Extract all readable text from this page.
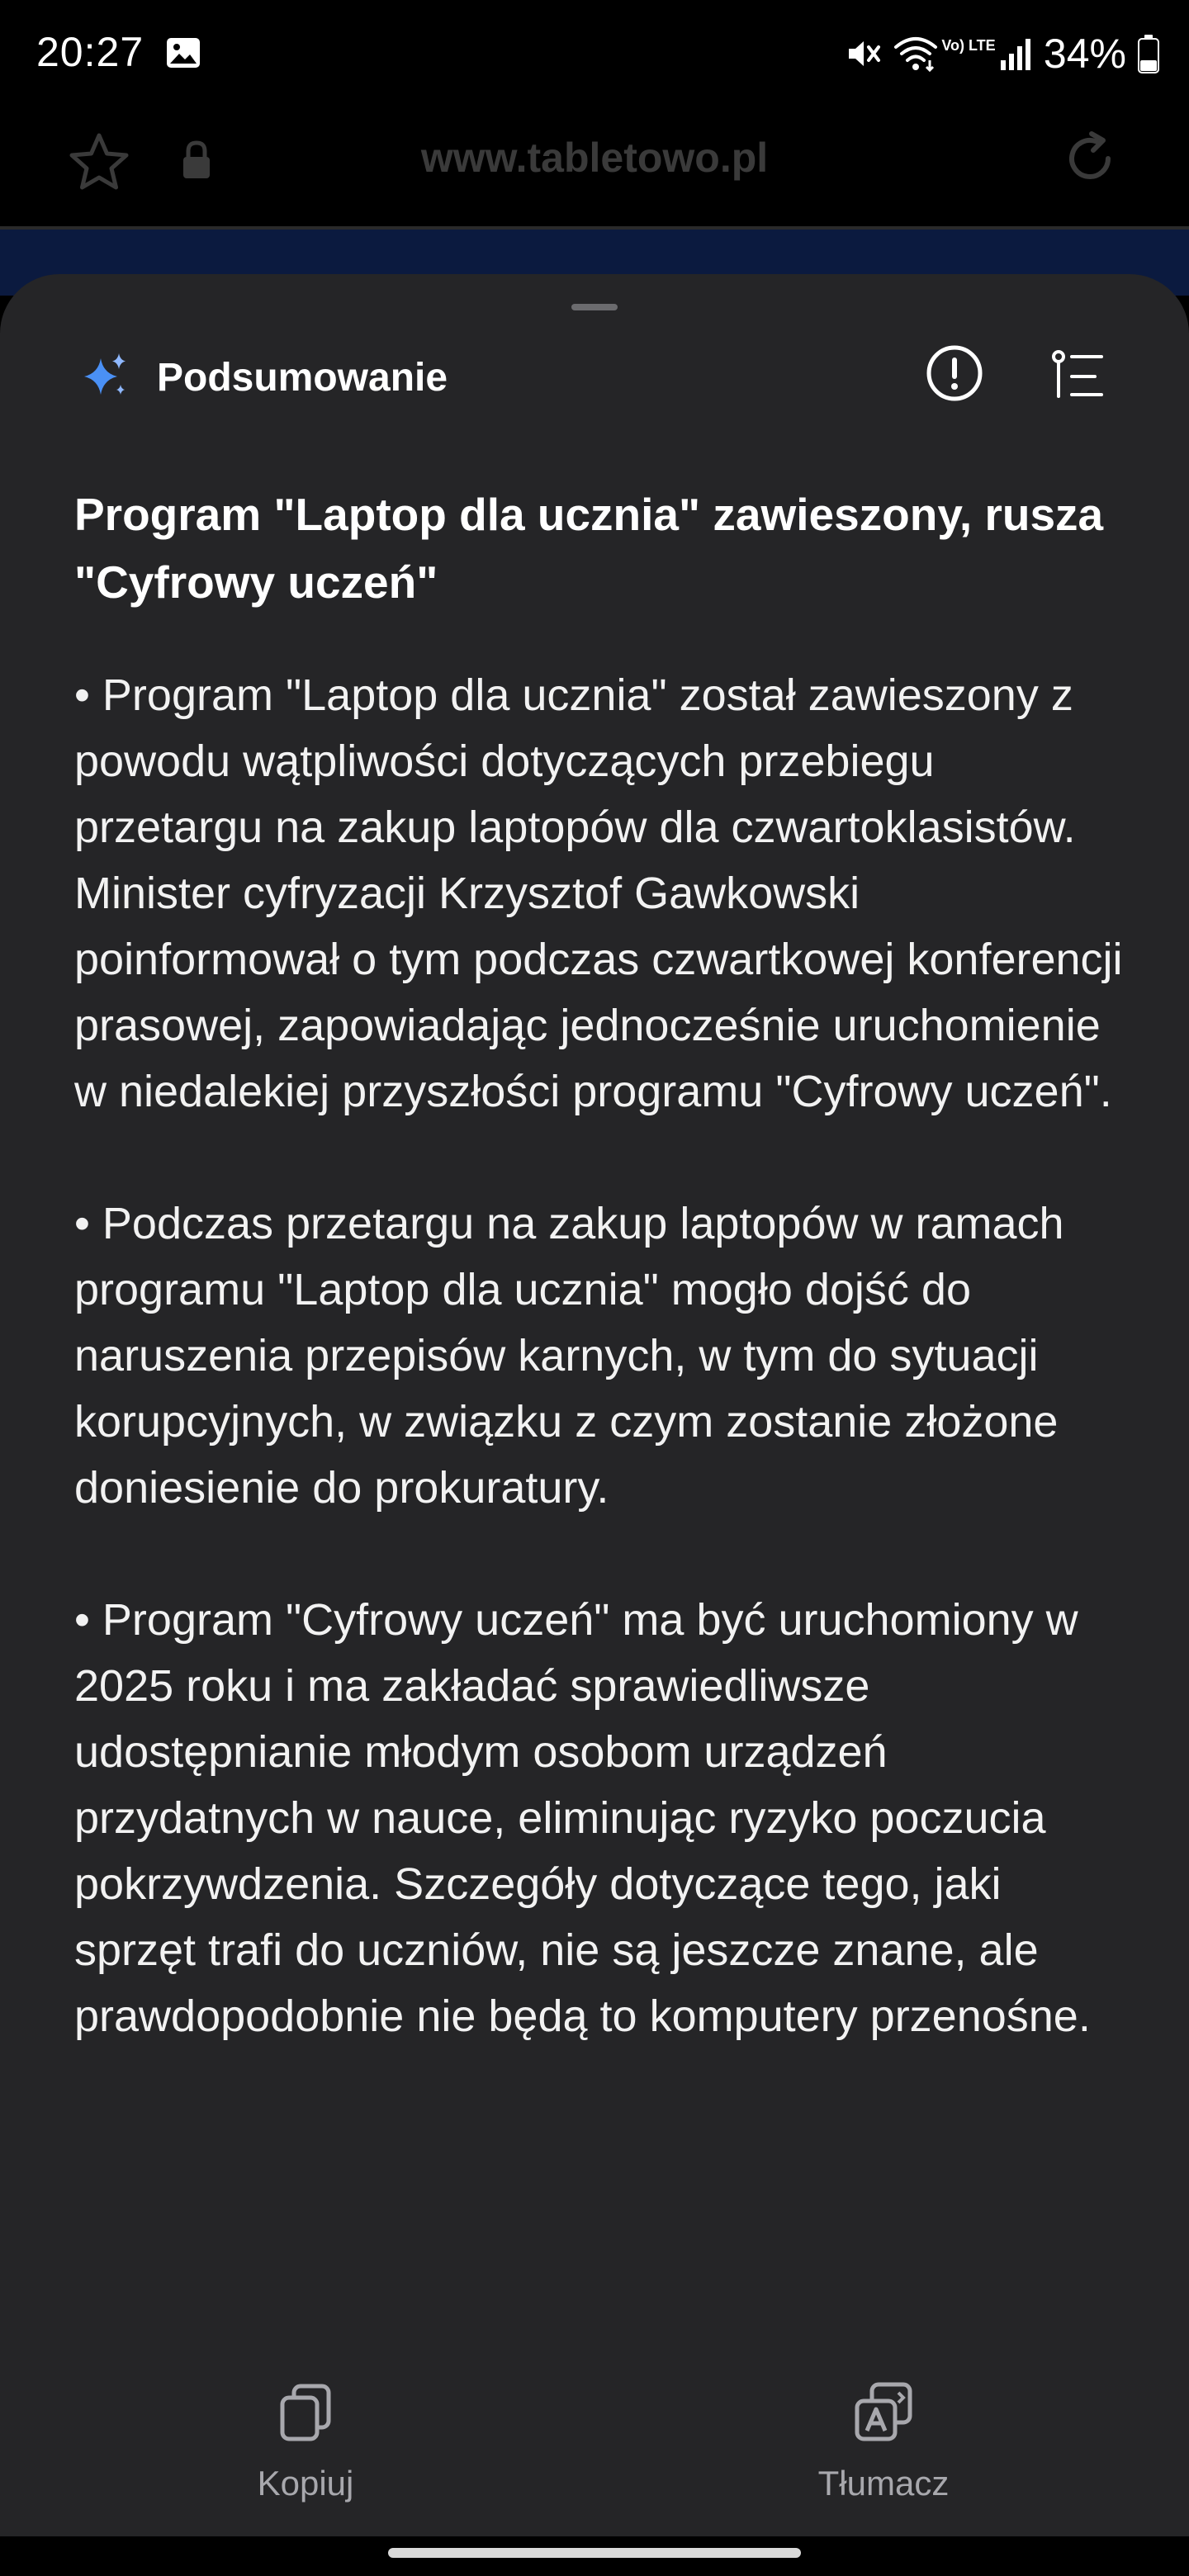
20:27	Vo) LTE 34%
www.tabletowo.pl
Podsumowanie

Program "Laptop dla ucznia" zawieszony, rusza "Cyfrowy uczeń"

• Program "Laptop dla ucznia" został zawieszony z powodu wątpliwości dotyczących przebiegu przetargu na zakup laptopów dla czwartoklasistów. Minister cyfryzacji Krzysztof Gawkowski poinformował o tym podczas czwartkowej konferencji prasowej, zapowiadając jednocześnie uruchomienie w niedalekiej przyszłości programu "Cyfrowy uczeń".

• Podczas przetargu na zakup laptopów w ramach programu "Laptop dla ucznia" mogło dojść do naruszenia przepisów karnych, w tym do sytuacji korupcyjnych, w związku z czym zostanie złożone doniesienie do prokuratury.

• Program "Cyfrowy uczeń" ma być uruchomiony w 2025 roku i ma zakładać sprawiedliwsze udostępnianie młodym osobom urządzeń przydatnych w nauce, eliminując ryzyko poczucia pokrzywdzenia. Szczegóły dotyczące tego, jaki sprzęt trafi do uczniów, nie są jeszcze znane, ale prawdopodobnie nie będą to komputery przenośne.

Kopiuj	Tłumacz
